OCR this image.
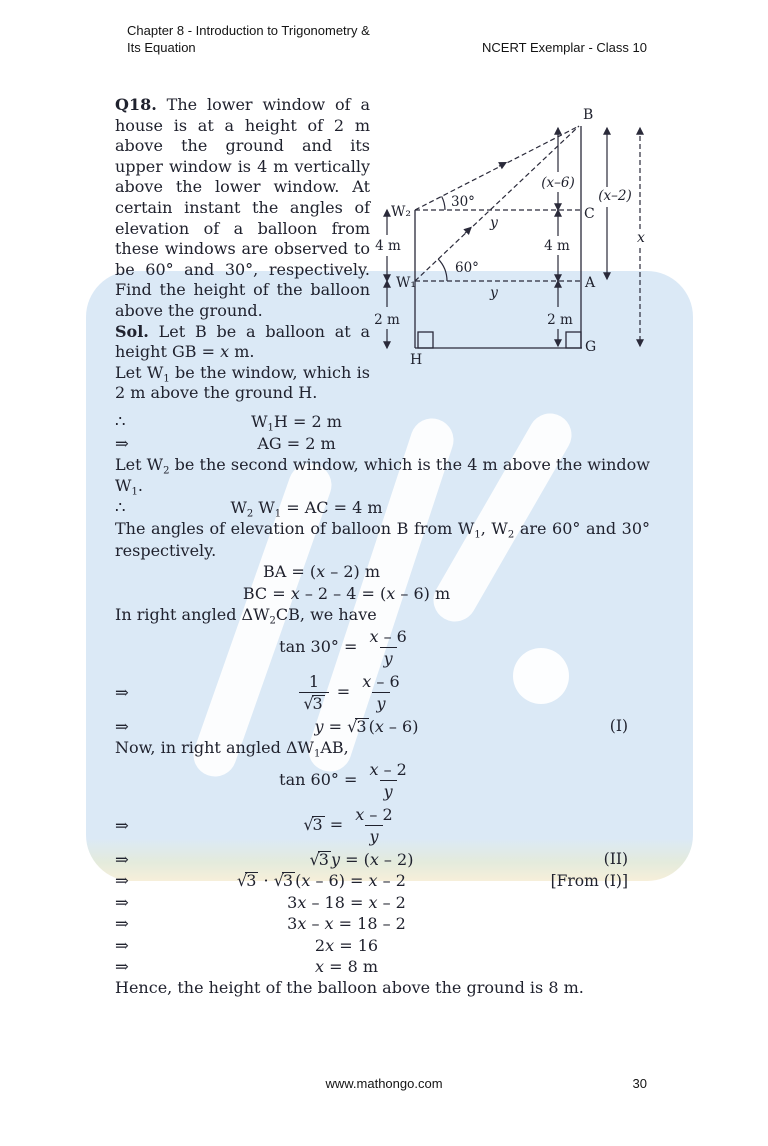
Chapter 8 - Introduction to Trigonometry &
Its Equation	NCERT Exemplar - Class 10

Q18. The lower window of a house is at a height of 2 m above the ground and its upper window is 4 m vertically above the lower window. At certain instant the angles of elevation of a balloon from these windows are observed to be 60° and 30°, respectively. Find the height of the balloon above the ground.

Sol. Let B be a balloon at a height GB = x m.

Let $W_1$ be the window, which is 2 m above the ground H.

B
W₂
W₁
C
A
G
H
30°
60°
y
y
(x–6)
(x–2)
x
4 m
2 m
4 m
2 m
∴	$W_1H = 2$ m
⇒	AG = 2 m
Let $W_2$ be the second window, which is the 4 m above the window $W_1$.
∴	$W_2$ $W_1$ = AC = 4 m
The angles of elevation of balloon B from $W_1$, $W_2$ are 60° and 30° respectively.
BA = (x – 2) m
BC = x – 2 – 4 = (x – 6) m
In right angled $\Delta W_2CB$, we have
$\tan 30^\circ = \frac{x - 6}{y}$
⇒	$\frac{1}{√3} = \frac{x - 6}{y}$
⇒	y = √3 (x – 6)	(I)
Now, in right angled $\Delta W_1AB$,
$\tan 60^\circ = \frac{x - 2}{y}$
⇒	$√3 = \frac{x - 2}{y}$
⇒	√3 y = (x – 2)	(II)
⇒	√3 · √3 (x – 6) = x – 2	[From (I)]
⇒	3x – 18 = x – 2
⇒	3x – x = 18 – 2
⇒	2x = 16
⇒	x = 8 m
Hence, the height of the balloon above the ground is 8 m.
www.mathongo.com	30
